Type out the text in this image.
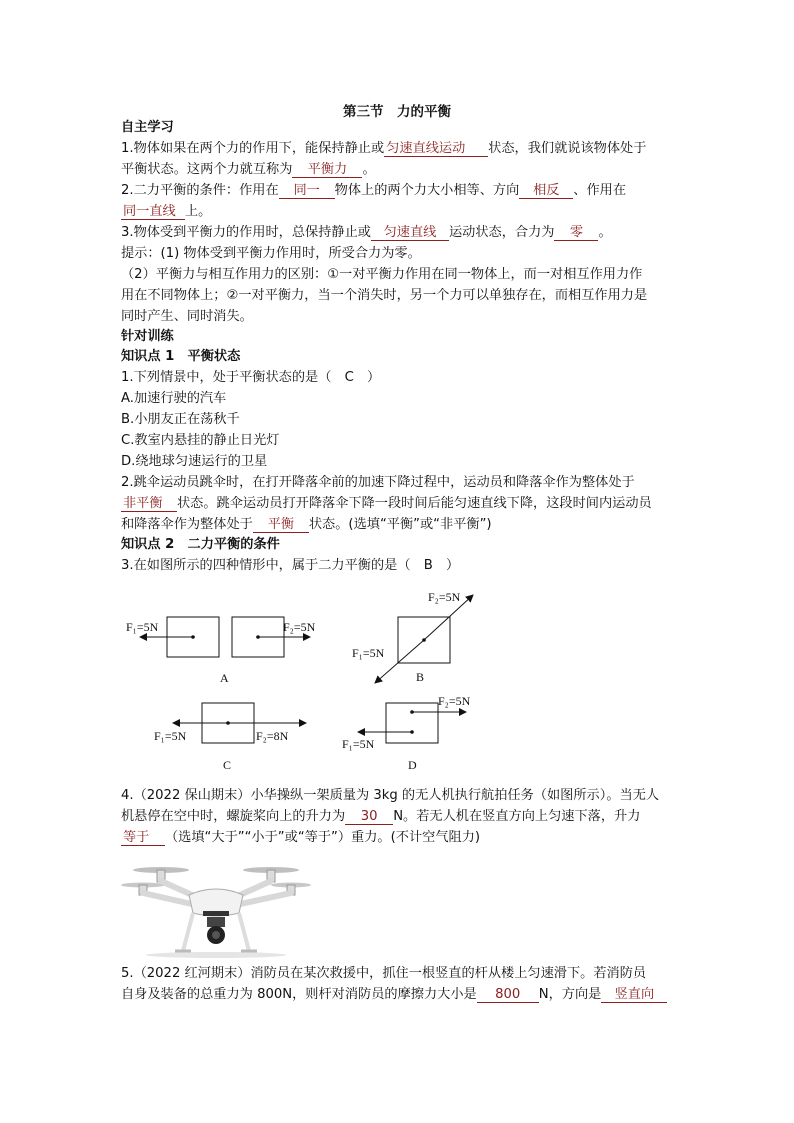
第三节　力的平衡
自主学习
1.物体如果在两个力的作用下，能保持静止或 匀速直线运动 状态，我们就说该物体处于
平衡状态。这两个力就互称为 平衡力 。
2.二力平衡的条件：作用在 同一 物体上的两个力大小相等、方向 相反 、作用在
同一直线 上。
3.物体受到平衡力的作用时，总保持静止或 匀速直线 运动状态，合力为 零 。
提示：(1) 物体受到平衡力作用时，所受合力为零。
（2）平衡力与相互作用力的区别：①一对平衡力作用在同一物体上，而一对相互作用力作
用在不同物体上；②一对平衡力，当一个消失时，另一个力可以单独存在，而相互作用力是
同时产生、同时消失。
针对训练
知识点 1　平衡状态
1.下列情景中，处于平衡状态的是（　C　）
A.加速行驶的汽车
B.小朋友正在荡秋千
C.教室内悬挂的静止日光灯
D.绕地球匀速运行的卫星
2.跳伞运动员跳伞时，在打开降落伞前的加速下降过程中，运动员和降落伞作为整体处于
非平衡 状态。跳伞运动员打开降落伞下降一段时间后能匀速直线下降，这段时间内运动员
和降落伞作为整体处于 平衡 状态。(选填“平衡”或“非平衡”)
知识点 2　二力平衡的条件
3.在如图所示的四种情形中，属于二力平衡的是（　B　）
F₁=5N	F₂=5N
A
F₂=5N
F₁=5N
B
F₁=5N	F₂=8N
C
F₂=5N
F₁=5N
D
4.（2022 保山期末）小华操纵一架质量为 3kg 的无人机执行航拍任务（如图所示）。当无人
机悬停在空中时，螺旋桨向上的升力为 30 N。若无人机在竖直方向上匀速下落，升力
等于 （选填“大于”“小于”或“等于”）重力。(不计空气阻力)
5.（2022 红河期末）消防员在某次救援中，抓住一根竖直的杆从楼上匀速滑下。若消防员
自身及装备的总重力为 800N，则杆对消防员的摩擦力大小是 800 N，方向是 竖直向
